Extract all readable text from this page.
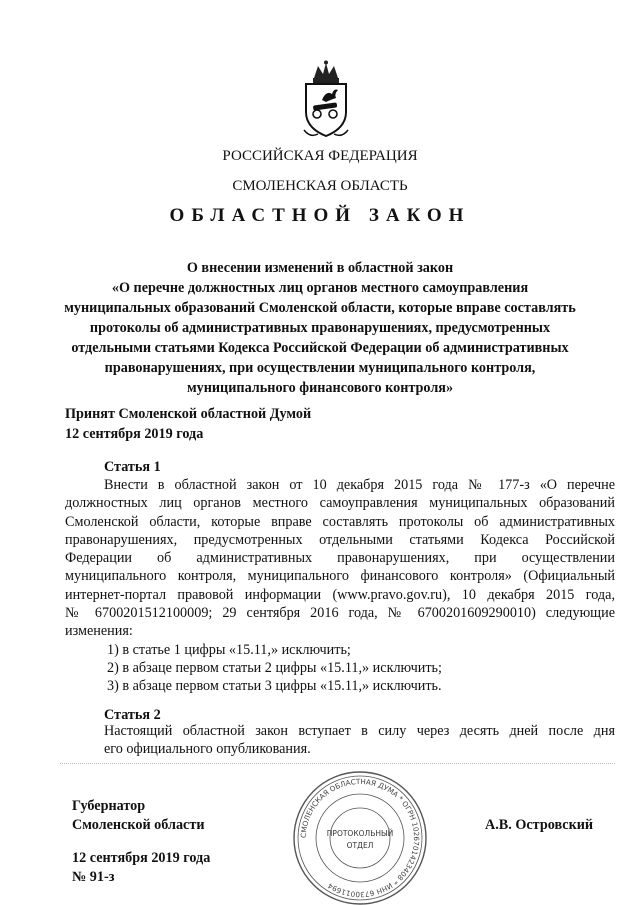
РОССИЙСКАЯ ФЕДЕРАЦИЯ
СМОЛЕНСКАЯ ОБЛАСТЬ
ОБЛАСТНОЙ ЗАКОН
О внесении изменений в областной закон
«О перечне должностных лиц органов местного самоуправления
муниципальных образований Смоленской области, которые вправе составлять
протоколы об административных правонарушениях, предусмотренных
отдельными статьями Кодекса Российской Федерации об административных
правонарушениях, при осуществлении муниципального контроля,
муниципального финансового контроля»
Принят Смоленской областной Думой
12 сентября 2019 года
Статья 1
Внести в областной закон от 10 декабря 2015 года № 177-з «О перечне
должностных лиц органов местного самоуправления муниципальных образований
Смоленской области, которые вправе составлять протоколы об административных
правонарушениях, предусмотренных отдельными статьями Кодекса Российской
Федерации об административных правонарушениях, при осуществлении
муниципального контроля, муниципального финансового контроля» (Официальный
интернет-портал правовой информации (www.pravo.gov.ru), 10 декабря 2015 года,
№ 6700201512100009; 29 сентября 2016 года, № 6700201609290010) следующие
изменения:
1) в статье 1 цифры «15.11,» исключить;
2) в абзаце первом статьи 2 цифры «15.11,» исключить;
3) в абзаце первом статьи 3 цифры «15.11,» исключить.
Статья 2
Настоящий областной закон вступает в силу через десять дней после дня
его официального опубликования.
Губернатор
Смоленской области	А.В. Островский
12 сентября 2019 года
№ 91-з
СМОЛЕНСКАЯ ОБЛАСТНАЯ ДУМА * ОГРН 1026701423408 * ИНН 6730011694
ПРОТОКОЛЬНЫЙ
ОТДЕЛ
